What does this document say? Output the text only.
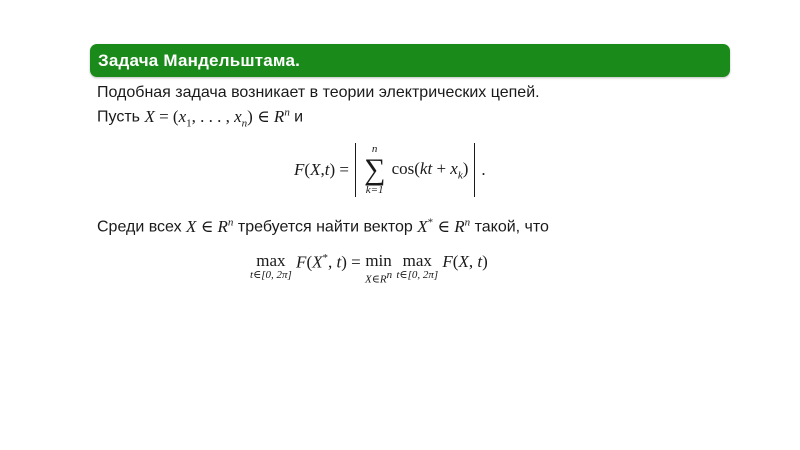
Задача Мандельштама.
Подобная задача возникает в теории электрических цепей.
Пусть $X = (x_1$, . . . , $x_n$) ∈ $R^n$ и
F ( X , t ) =
n
∑
k=1
$\cos(kt + x_k)$ .
Среди всех X ∈ $R^n$ требуется найти вектор X* ∈ $R^n$ такой, что
max
t∈[0, 2π]
F(X*, t) = min
$X\in R^n$

max
t∈[0, 2π]
F(X, t)
